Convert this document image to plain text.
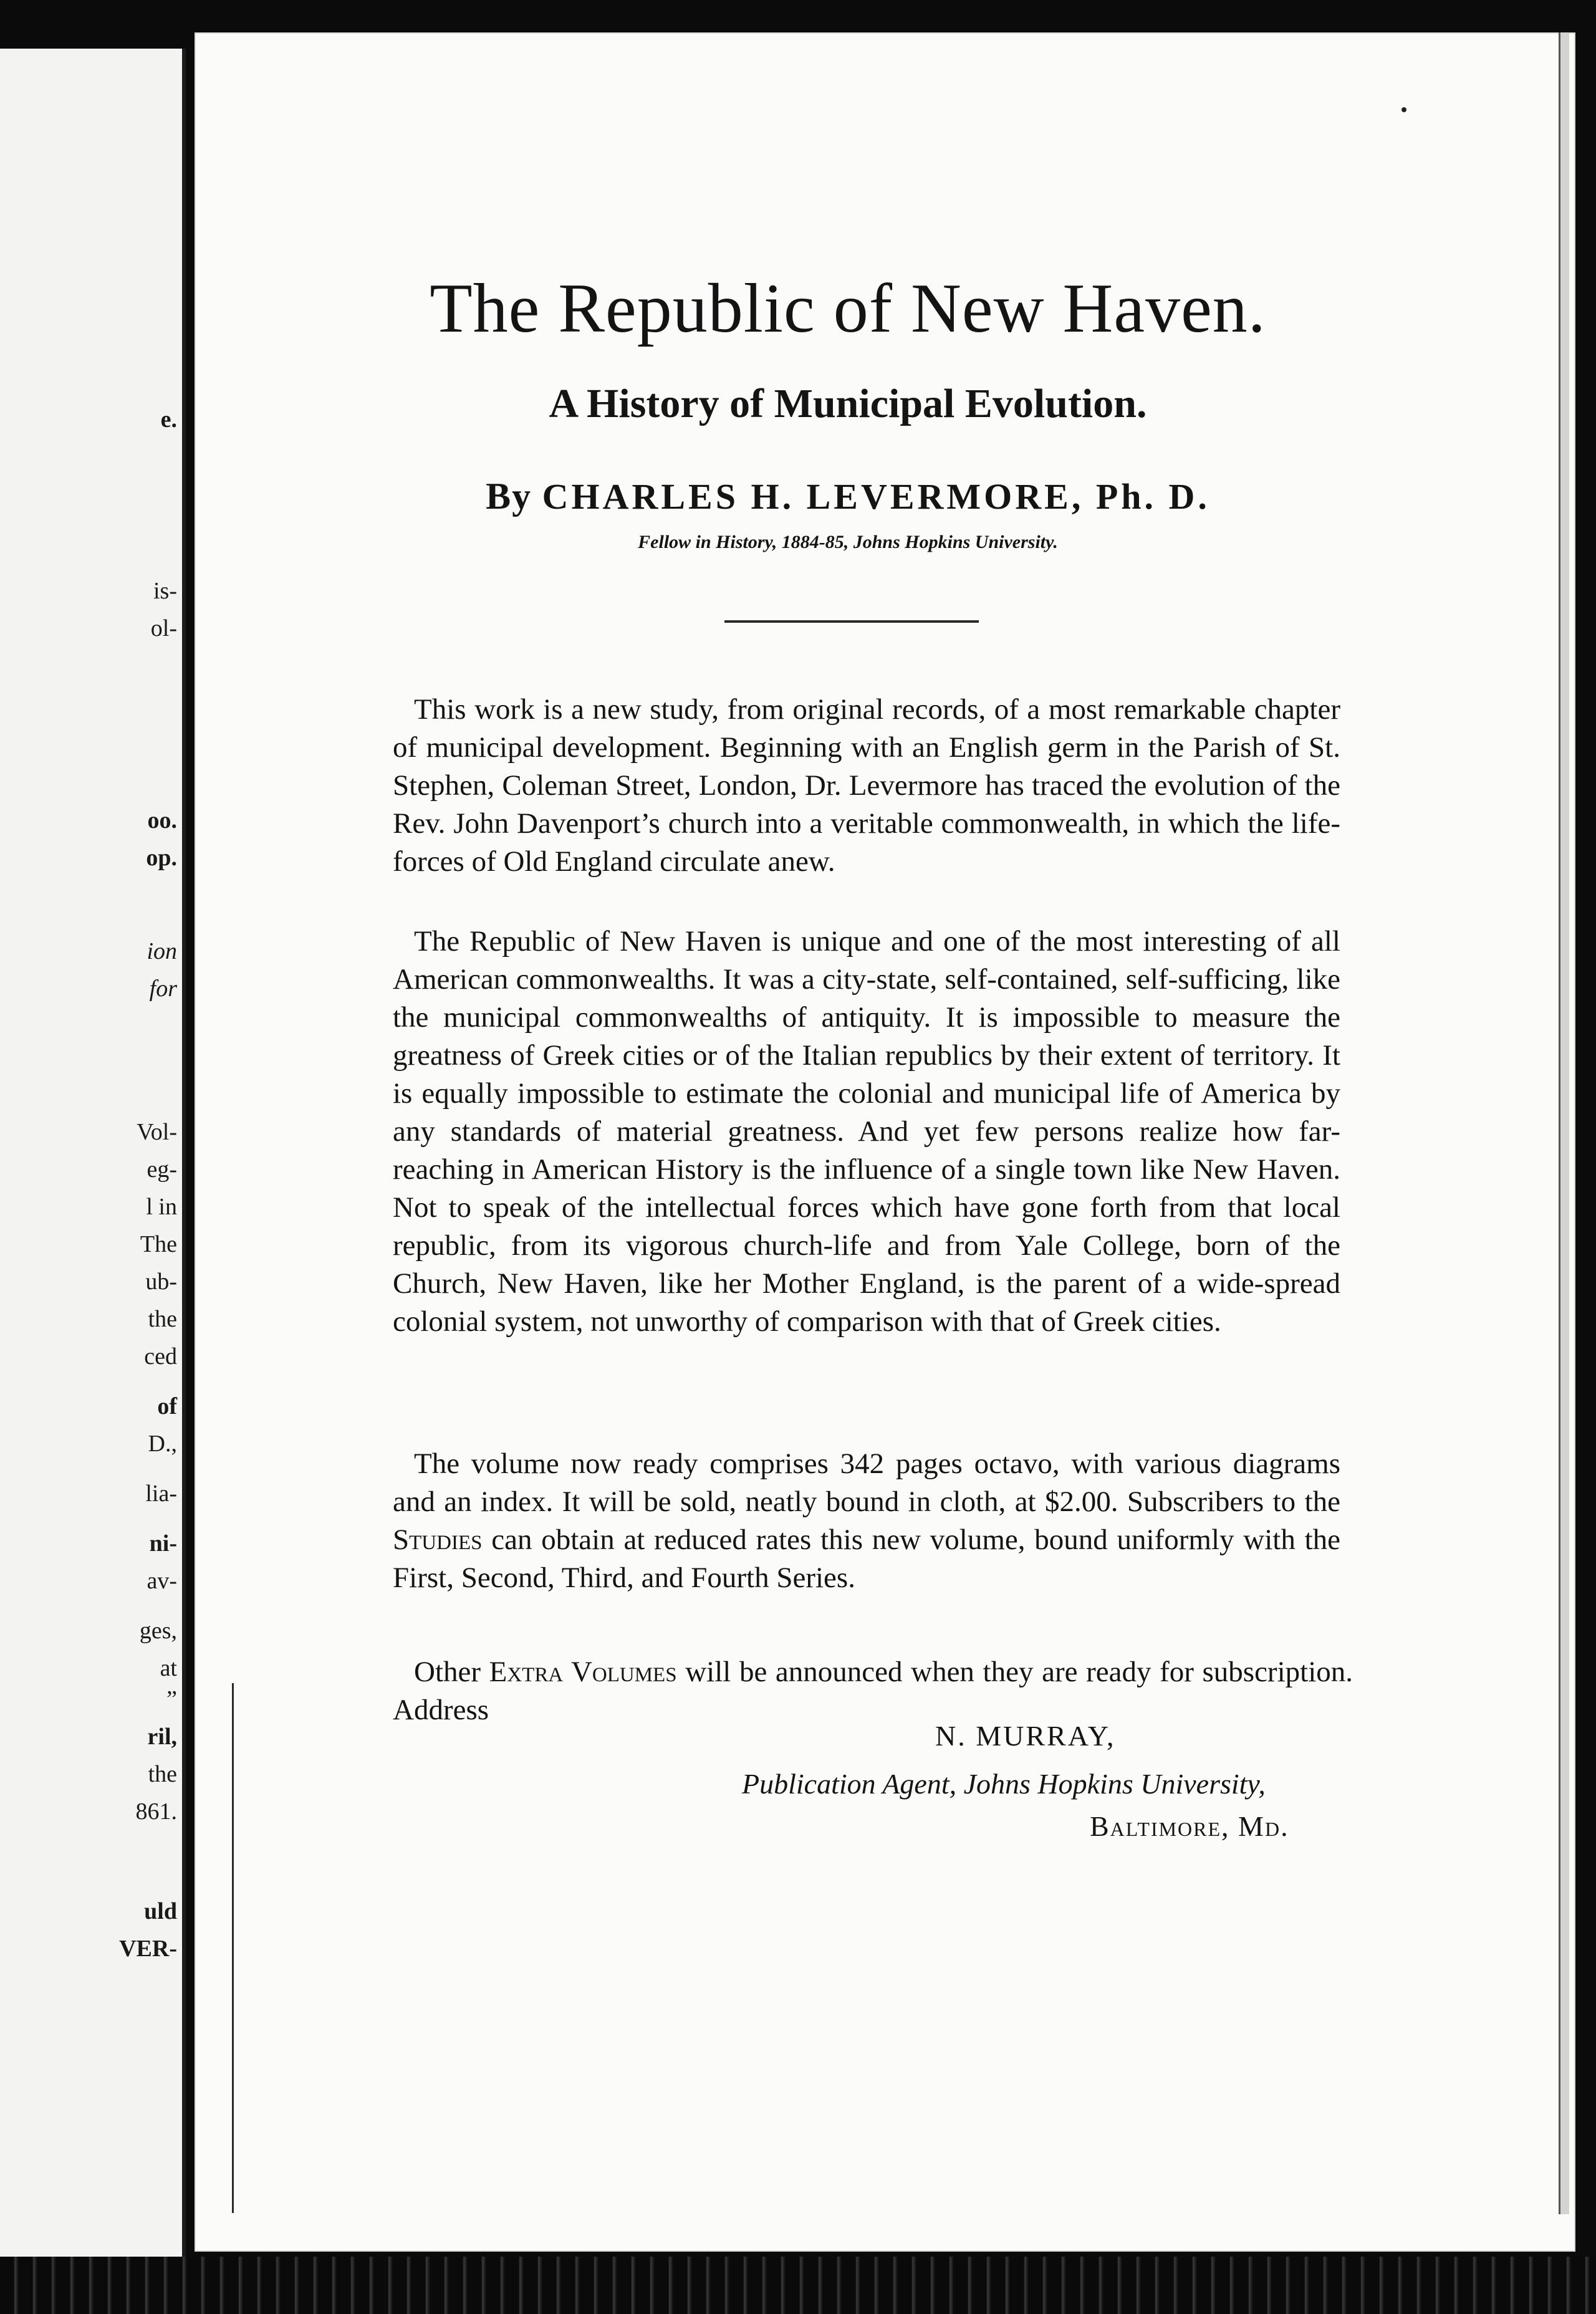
e.
is-
ol-
oo.
op.
ion
for
Vol-
eg-
l in
The
ub-
the
ced
of
D.,
lia-
ni-
av-
ges,
at
”
ril,
the
861.
uld
VER-
The Republic of New Haven.
A History of Municipal Evolution.
By CHARLES H. LEVERMORE, Ph. D.
Fellow in History, 1884-85, Johns Hopkins University.

This work is a new study, from original records, of a most remarkable chapter of municipal development. Beginning with an English germ in the Parish of St. Stephen, Coleman Street, London, Dr. Levermore has traced the evolution of the Rev. John Davenport’s church into a veritable commonwealth, in which the life-forces of Old England circulate anew.

The Republic of New Haven is unique and one of the most interesting of all American commonwealths. It was a city-state, self-contained, self-sufficing, like the municipal commonwealths of antiquity. It is impossible to measure the greatness of Greek cities or of the Italian republics by their extent of territory. It is equally impossible to estimate the colonial and municipal life of America by any standards of material greatness. And yet few persons realize how far-reaching in American History is the influence of a single town like New Haven. Not to speak of the intellectual forces which have gone forth from that local republic, from its vigorous church-life and from Yale College, born of the Church, New Haven, like her Mother England, is the parent of a wide-spread colonial system, not unworthy of comparison with that of Greek cities.

The volume now ready comprises 342 pages octavo, with various diagrams and an index. It will be sold, neatly bound in cloth, at $2.00. Subscribers to the Studies can obtain at reduced rates this new volume, bound uniformly with the First, Second, Third, and Fourth Series.

Other Extra Volumes will be announced when they are ready for subscription. Address

N. MURRAY,
Publication Agent, Johns Hopkins University,
Baltimore, Md.
